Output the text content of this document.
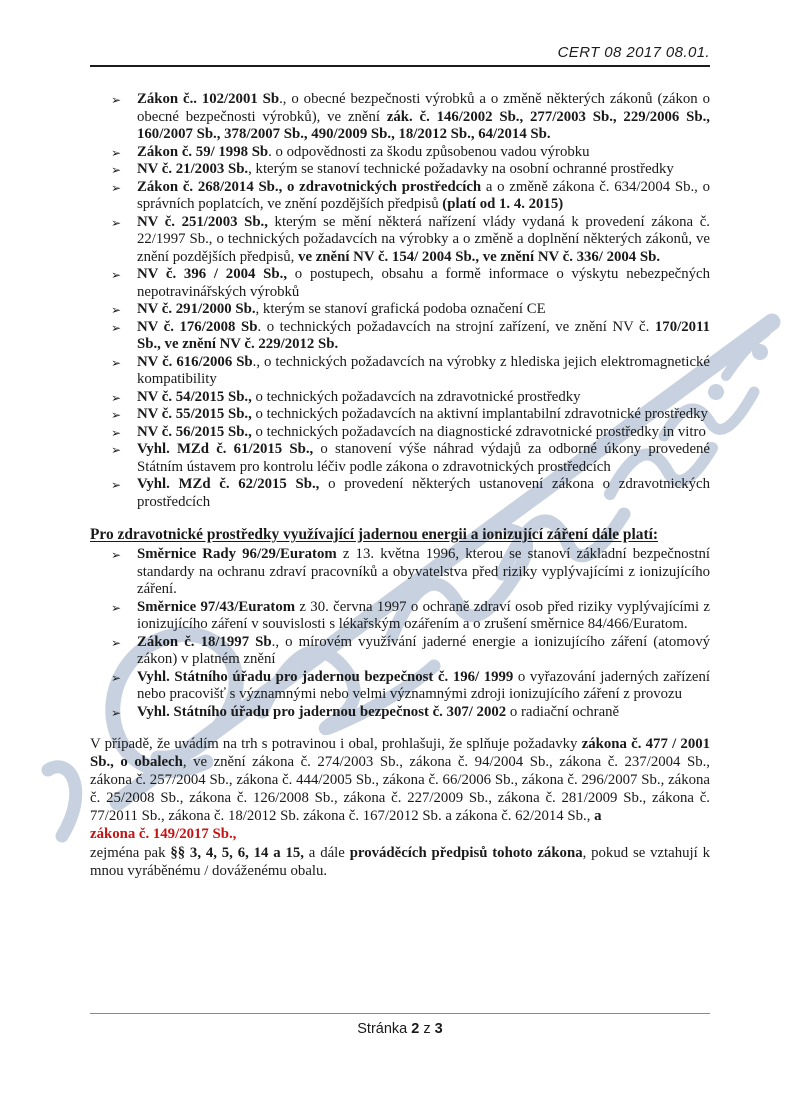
CERT 08 2017 08.01.
➢ Zákon č.. 102/2001 Sb., o obecné bezpečnosti výrobků a o změně některých zákonů (zákon o obecné bezpečnosti výrobků), ve znění zák. č. 146/2002 Sb., 277/2003 Sb., 229/2006 Sb., 160/2007 Sb., 378/2007 Sb., 490/2009 Sb., 18/2012 Sb., 64/2014 Sb.
➢ Zákon č. 59/ 1998 Sb. o odpovědnosti za škodu způsobenou vadou výrobku
➢ NV č. 21/2003 Sb., kterým se stanoví technické požadavky na osobní ochranné prostředky
➢ Zákon č. 268/2014 Sb., o zdravotnických prostředcích a o změně zákona č. 634/2004 Sb., o správních poplatcích, ve znění pozdějších předpisů (platí od 1. 4. 2015)
➢ NV č. 251/2003 Sb., kterým se mění některá nařízení vlády vydaná k provedení zákona č. 22/1997 Sb., o technických požadavcích na výrobky a o změně a doplnění některých zákonů, ve znění pozdějších předpisů, ve znění NV č. 154/ 2004 Sb., ve znění NV č. 336/ 2004 Sb.
➢ NV č. 396 / 2004 Sb., o postupech, obsahu a formě informace o výskytu nebezpečných nepotravinářských výrobků
➢ NV č. 291/2000 Sb., kterým se stanoví grafická podoba označení CE
➢ NV č. 176/2008 Sb. o technických požadavcích na strojní zařízení, ve znění NV č. 170/2011 Sb., ve znění NV č. 229/2012 Sb.
➢ NV č. 616/2006 Sb., o technických požadavcích na výrobky z hlediska jejich elektromagnetické kompatibility
➢ NV č. 54/2015 Sb., o technických požadavcích na zdravotnické prostředky
➢ NV č. 55/2015 Sb., o technických požadavcích na aktivní implantabilní zdravotnické prostředky
➢ NV č. 56/2015 Sb., o technických požadavcích na diagnostické zdravotnické prostředky in vitro
➢ Vyhl. MZd č. 61/2015 Sb., o stanovení výše náhrad výdajů za odborné úkony provedené Státním ústavem pro kontrolu léčiv podle zákona o zdravotnických prostředcích
➢ Vyhl. MZd č. 62/2015 Sb., o provedení některých ustanovení zákona o zdravotnických prostředcích
Pro zdravotnické prostředky využívající jadernou energii a ionizující záření dále platí:
➢ Směrnice Rady 96/29/Euratom z 13. května 1996, kterou se stanoví základní bezpečnostní standardy na ochranu zdraví pracovníků a obyvatelstva před riziky vyplývajícími z ionizujícího záření.
➢ Směrnice 97/43/Euratom z 30. června 1997 o ochraně zdraví osob před riziky vyplývajícími z ionizujícího záření v souvislosti s lékařským ozářením a o zrušení směrnice 84/466/Euratom.
➢ Zákon č. 18/1997 Sb., o mírovém využívání jaderné energie a ionizujícího záření (atomový zákon) v platném znění
➢ Vyhl. Státního úřadu pro jadernou bezpečnost č. 196/ 1999 o vyřazování jaderných zařízení nebo pracovišť s významnými nebo velmi významnými zdroji ionizujícího záření z provozu
➢ Vyhl. Státního úřadu pro jadernou bezpečnost č. 307/ 2002 o radiační ochraně
V případě, že uvádím na trh s potravinou i obal, prohlašuji, že splňuje požadavky zákona č. 477 / 2001 Sb., o obalech, ve znění zákona č. 274/2003 Sb., zákona č. 94/2004 Sb., zákona č. 237/2004 Sb., zákona č. 257/2004 Sb., zákona č. 444/2005 Sb., zákona č. 66/2006 Sb., zákona č. 296/2007 Sb., zákona č. 25/2008 Sb., zákona č. 126/2008 Sb., zákona č. 227/2009 Sb., zákona č. 281/2009 Sb., zákona č. 77/2011 Sb., zákona č. 18/2012 Sb. zákona č. 167/2012 Sb. a zákona č. 62/2014 Sb., a
zákona č. 149/2017 Sb.,
zejména pak §§ 3, 4, 5, 6, 14 a 15, a dále prováděcích předpisů tohoto zákona, pokud se vztahují k mnou vyráběnému / dováženému obalu.
Stránka 2 z 3
